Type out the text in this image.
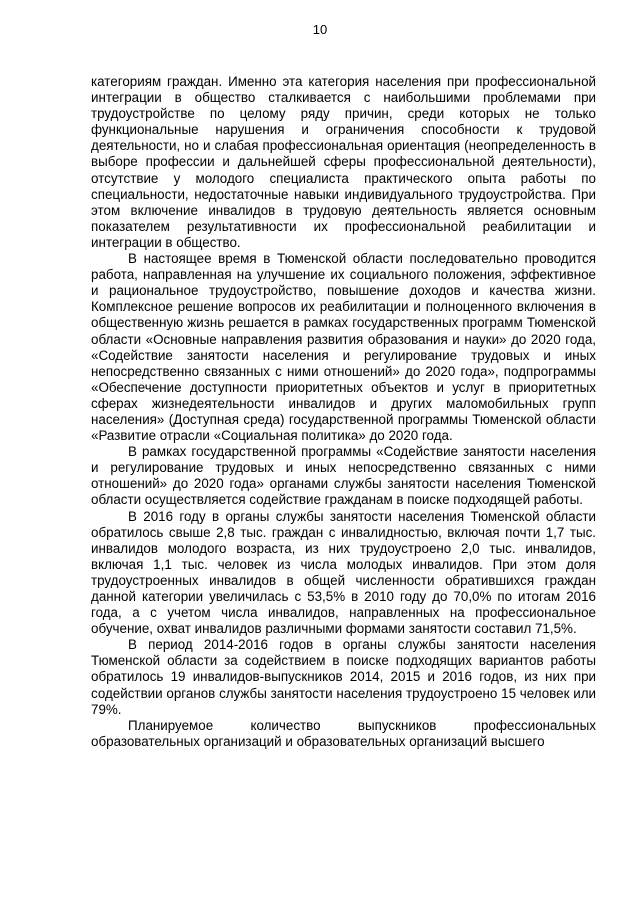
10

категориям граждан. Именно эта категория населения при профессиональной интеграции в общество сталкивается с наибольшими проблемами при трудоустройстве по целому ряду причин, среди которых не только функциональные нарушения и ограничения способности к трудовой деятельности, но и слабая профессиональная ориентация (неопределенность в выборе профессии и дальнейшей сферы профессиональной деятельности), отсутствие у молодого специалиста практического опыта работы по специальности, недостаточные навыки индивидуального трудоустройства. При этом включение инвалидов в трудовую деятельность является основным показателем результативности их профессиональной реабилитации и интеграции в общество.

В настоящее время в Тюменской области последовательно проводится работа, направленная на улучшение их социального положения, эффективное и рациональное трудоустройство, повышение доходов и качества жизни. Комплексное решение вопросов их реабилитации и полноценного включения в общественную жизнь решается в рамках государственных программ Тюменской области «Основные направления развития образования и науки» до 2020 года, «Содействие занятости населения и регулирование трудовых и иных непосредственно связанных с ними отношений» до 2020 года», подпрограммы «Обеспечение доступности приоритетных объектов и услуг в приоритетных сферах жизнедеятельности инвалидов и других маломобильных групп населения» (Доступная среда) государственной программы Тюменской области «Развитие отрасли «Социальная политика» до 2020 года.

В рамках государственной программы «Содействие занятости населения и регулирование трудовых и иных непосредственно связанных с ними отношений» до 2020 года» органами службы занятости населения Тюменской области осуществляется содействие гражданам в поиске подходящей работы.

В 2016 году в органы службы занятости населения Тюменской области обратилось свыше 2,8 тыс. граждан с инвалидностью, включая почти 1,7 тыс. инвалидов молодого возраста, из них трудоустроено 2,0 тыс. инвалидов, включая 1,1 тыс. человек из числа молодых инвалидов. При этом доля трудоустроенных инвалидов в общей численности обратившихся граждан данной категории увеличилась с 53,5% в 2010 году до 70,0% по итогам 2016 года, а с учетом числа инвалидов, направленных на профессиональное обучение, охват инвалидов различными формами занятости составил 71,5%.

В период 2014-2016 годов в органы службы занятости населения Тюменской области за содействием в поиске подходящих вариантов работы обратилось 19 инвалидов-выпускников 2014, 2015 и 2016 годов, из них при содействии органов службы занятости населения трудоустроено 15 человек или 79%.

Планируемое количество выпускников профессиональных образовательных организаций и образовательных организаций высшего
